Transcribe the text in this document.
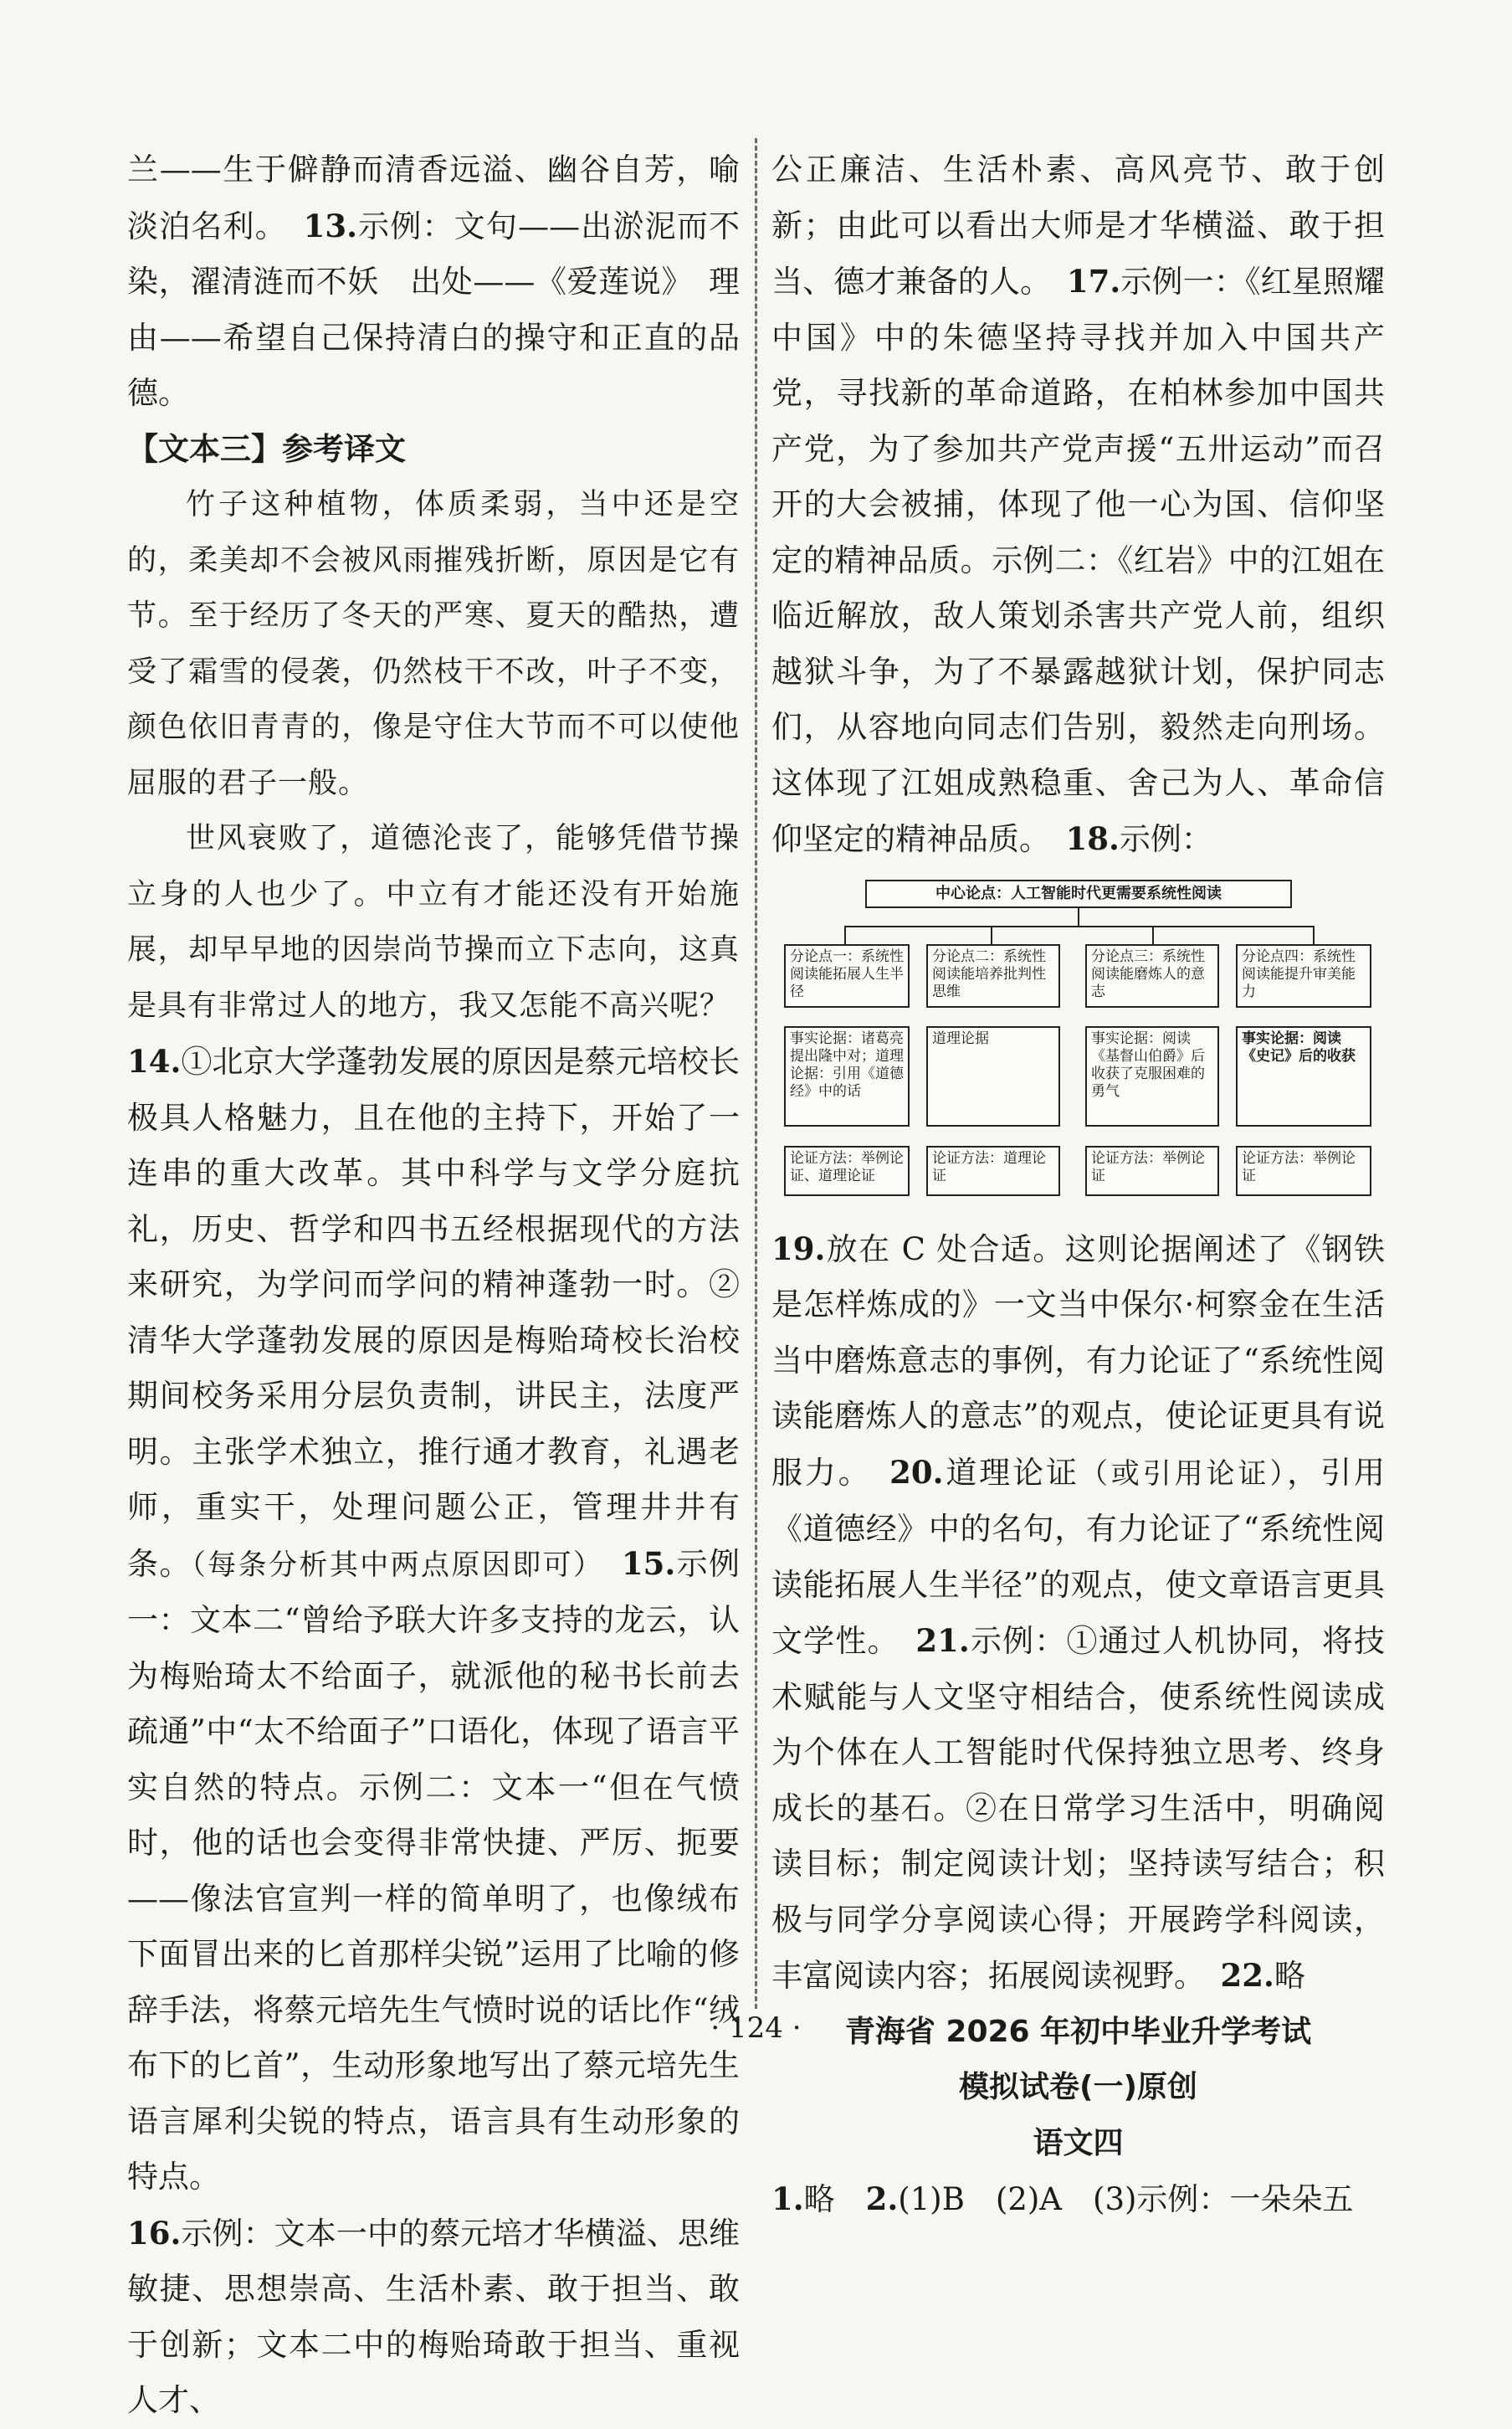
兰——生于僻静而清香远溢、幽谷自芳，喻淡泊名利。　 13.示例：文句——出淤泥而不染，濯清涟而不妖　出处——《爱莲说》　理由——希望自己保持清白的操守和正直的品德。

【文本三】参考译文

竹子这种植物，体质柔弱，当中还是空的，柔美却不会被风雨摧残折断，原因是它有节。至于经历了冬天的严寒、夏天的酷热，遭受了霜雪的侵袭，仍然枝干不改，叶子不变，颜色依旧青青的，像是守住大节而不可以使他屈服的君子一般。

世风衰败了，道德沦丧了，能够凭借节操立身的人也少了。中立有才能还没有开始施展，却早早地的因崇尚节操而立下志向，这真是具有非常过人的地方，我又怎能不高兴呢？

14.①北京大学蓬勃发展的原因是蔡元培校长极具人格魅力，且在他的主持下，开始了一连串的重大改革。其中科学与文学分庭抗礼，历史、哲学和四书五经根据现代的方法来研究，为学问而学问的精神蓬勃一时。②清华大学蓬勃发展的原因是梅贻琦校长治校期间校务采用分层负责制，讲民主，法度严明。主张学术独立，推行通才教育，礼遇老师，重实干，处理问题公正，管理井井有条。（每条分析其中两点原因即可）　 15.示例一：文本二“曾给予联大许多支持的龙云，认为梅贻琦太不给面子，就派他的秘书长前去疏通”中“太不给面子”口语化，体现了语言平实自然的特点。示例二：文本一“但在气愤时，他的话也会变得非常快捷、严厉、扼要——像法官宣判一样的简单明了，也像绒布下面冒出来的匕首那样尖锐”运用了比喻的修辞手法，将蔡元培先生气愤时说的话比作“绒布下的匕首”，生动形象地写出了蔡元培先生语言犀利尖锐的特点，语言具有生动形象的特点。

16.示例：文本一中的蔡元培才华横溢、思维敏捷、思想崇高、生活朴素、敢于担当、敢于创新；文本二中的梅贻琦敢于担当、重视人才、

公正廉洁、生活朴素、高风亮节、敢于创新；由此可以看出大师是才华横溢、敢于担当、德才兼备的人。　 17.示例一：《红星照耀中国》中的朱德坚持寻找并加入中国共产党，寻找新的革命道路，在柏林参加中国共产党，为了参加共产党声援“五卅运动”而召开的大会被捕，体现了他一心为国、信仰坚定的精神品质。示例二：《红岩》中的江姐在临近解放，敌人策划杀害共产党人前，组织越狱斗争，为了不暴露越狱计划，保护同志们，从容地向同志们告别，毅然走向刑场。这体现了江姐成熟稳重、舍己为人、革命信仰坚定的精神品质。　 18.示例：

中心论点：人工智能时代更需要系统性阅读
分论点一：系统性阅读能拓展人生半径
分论点二：系统性阅读能培养批判性思维
分论点三：系统性阅读能磨炼人的意志
分论点四：系统性阅读能提升审美能力
事实论据：诸葛亮提出隆中对；道理论据：引用《道德经》中的话
道理论据	事实论据：阅读《基督山伯爵》后收获了克服困难的勇气
事实论据：阅读《史记》后的收获
论证方法：举例论证、道理论证
论证方法：道理论证
论证方法：举例论证
论证方法：举例论证

19.放在 C 处合适。这则论据阐述了《钢铁是怎样炼成的》一文当中保尔·柯察金在生活当中磨炼意志的事例，有力论证了“系统性阅读能磨炼人的意志”的观点，使论证更具有说服力。　 20.道理论证（或引用论证），引用《道德经》中的名句，有力论证了“系统性阅读能拓展人生半径”的观点，使文章语言更具文学性。　 21.示例：①通过人机协同，将技术赋能与人文坚守相结合，使系统性阅读成为个体在人工智能时代保持独立思考、终身成长的基石。②在日常学习生活中，明确阅读目标；制定阅读计划；坚持读写结合；积极与同学分享阅读心得；开展跨学科阅读，丰富阅读内容；拓展阅读视野。　 22.略

青海省 2026 年初中毕业升学考试

模拟试卷(一)原创

语文四

1.略　2.(1)B　(2)A　(3)示例：一朵朵五

· 124 ·
